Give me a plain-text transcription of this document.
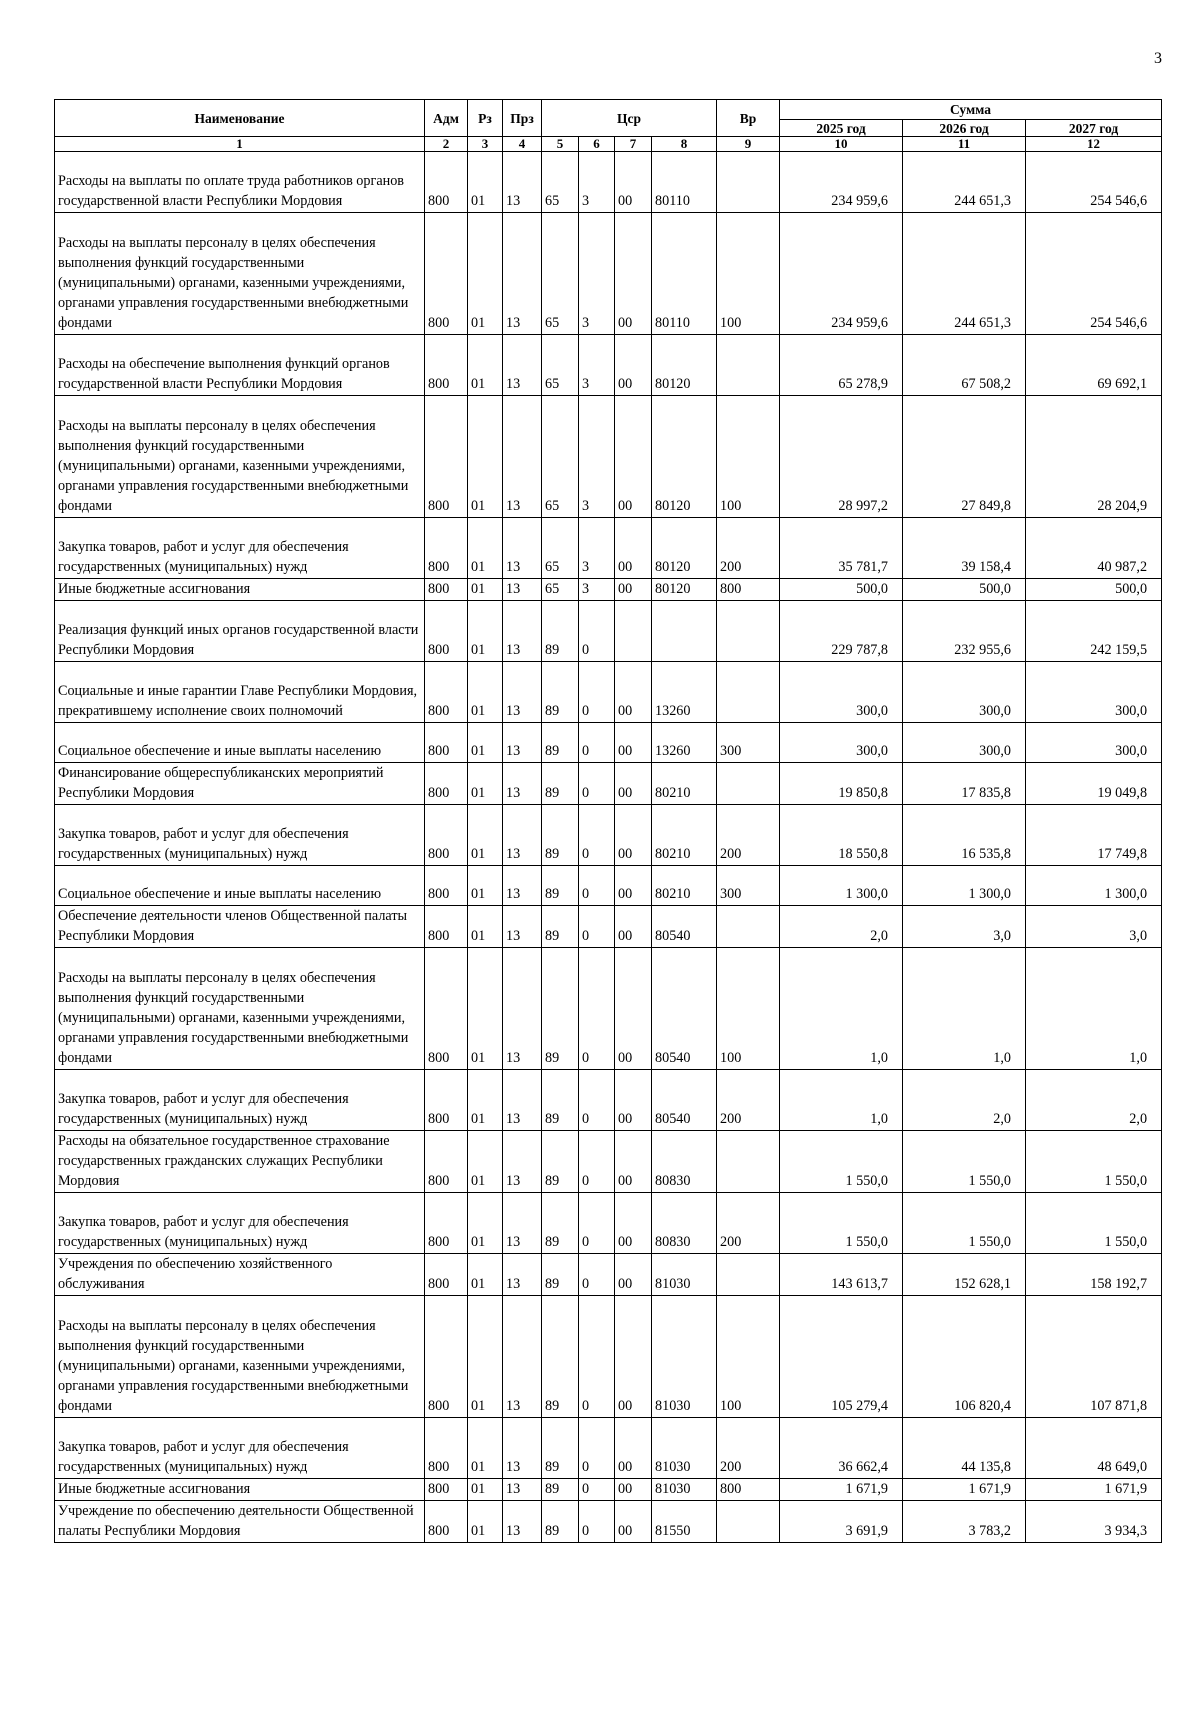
3
Наименование	Адм	Рз	Прз	Цср				Вр	Сумма		
									2025 год	2026 год	2027 год
1	2	3	4	5	6	7	8	9	10	11	12
Расходы на выплаты по оплате труда работников органов государственной власти Республики Мордовия	800	01	13	65	3	00	80110		234 959,6	244 651,3	254 546,6
Расходы на выплаты персоналу в целях обеспечения выполнения функций государственными (муниципальными) органами, казенными учреждениями, органами управления государственными внебюджетными фондами	800	01	13	65	3	00	80110	100	234 959,6	244 651,3	254 546,6
Расходы на обеспечение выполнения функций органов государственной власти Республики Мордовия	800	01	13	65	3	00	80120		65 278,9	67 508,2	69 692,1
Расходы на выплаты персоналу в целях обеспечения выполнения функций государственными (муниципальными) органами, казенными учреждениями, органами управления государственными внебюджетными фондами	800	01	13	65	3	00	80120	100	28 997,2	27 849,8	28 204,9
Закупка товаров, работ и услуг для обеспечения государственных (муниципальных) нужд	800	01	13	65	3	00	80120	200	35 781,7	39 158,4	40 987,2
Иные бюджетные ассигнования	800	01	13	65	3	00	80120	800	500,0	500,0	500,0
Реализация функций иных органов государственной власти Республики Мордовия	800	01	13	89	0				229 787,8	232 955,6	242 159,5
Социальные и иные гарантии Главе Республики Мордовия, прекратившему исполнение своих полномочий	800	01	13	89	0	00	13260		300,0	300,0	300,0
Социальное обеспечение и иные выплаты населению	800	01	13	89	0	00	13260	300	300,0	300,0	300,0
Финансирование общереспубликанских мероприятий Республики Мордовия	800	01	13	89	0	00	80210		19 850,8	17 835,8	19 049,8
Закупка товаров, работ и услуг для обеспечения государственных (муниципальных) нужд	800	01	13	89	0	00	80210	200	18 550,8	16 535,8	17 749,8
Социальное обеспечение и иные выплаты населению	800	01	13	89	0	00	80210	300	1 300,0	1 300,0	1 300,0
Обеспечение деятельности членов Общественной палаты Республики Мордовия	800	01	13	89	0	00	80540		2,0	3,0	3,0
Расходы на выплаты персоналу в целях обеспечения выполнения функций государственными (муниципальными) органами, казенными учреждениями, органами управления государственными внебюджетными фондами	800	01	13	89	0	00	80540	100	1,0	1,0	1,0
Закупка товаров, работ и услуг для обеспечения государственных (муниципальных) нужд	800	01	13	89	0	00	80540	200	1,0	2,0	2,0
Расходы на обязательное государственное страхование государственных гражданских служащих Республики Мордовия	800	01	13	89	0	00	80830		1 550,0	1 550,0	1 550,0
Закупка товаров, работ и услуг для обеспечения государственных (муниципальных) нужд	800	01	13	89	0	00	80830	200	1 550,0	1 550,0	1 550,0
Учреждения по обеспечению хозяйственного обслуживания	800	01	13	89	0	00	81030		143 613,7	152 628,1	158 192,7
Расходы на выплаты персоналу в целях обеспечения выполнения функций государственными (муниципальными) органами, казенными учреждениями, органами управления государственными внебюджетными фондами	800	01	13	89	0	00	81030	100	105 279,4	106 820,4	107 871,8
Закупка товаров, работ и услуг для обеспечения государственных (муниципальных) нужд	800	01	13	89	0	00	81030	200	36 662,4	44 135,8	48 649,0
Иные бюджетные ассигнования	800	01	13	89	0	00	81030	800	1 671,9	1 671,9	1 671,9
Учреждение по обеспечению деятельности Общественной палаты Республики Мордовия	800	01	13	89	0	00	81550		3 691,9	3 783,2	3 934,3
